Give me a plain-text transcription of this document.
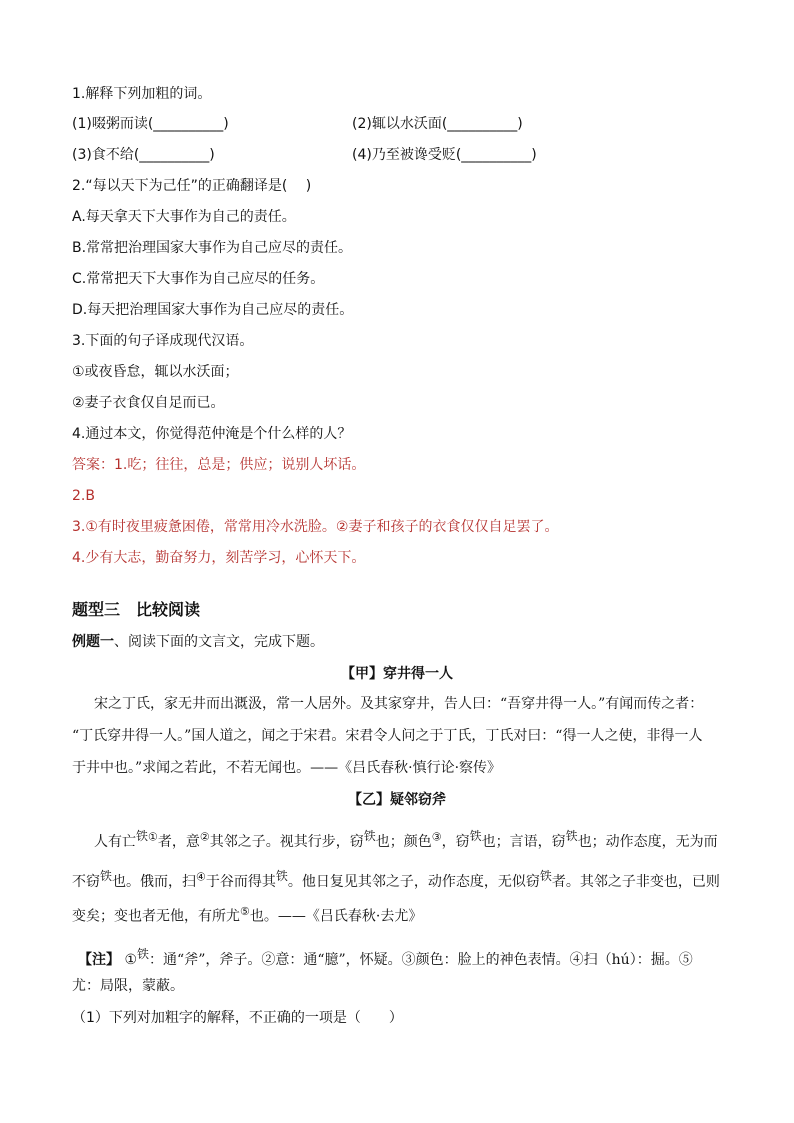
1.解释下列加粗的词。
(1)啜粥而读(__________)	(2)辄以水沃面(__________)
(3)食不给(__________)	(4)乃至被谗受贬(__________)
2.“每以天下为己任”的正确翻译是(　 )
A.每天拿天下大事作为自己的责任。
B.常常把治理国家大事作为自己应尽的责任。
C.常常把天下大事作为自己应尽的任务。
D.每天把治理国家大事作为自己应尽的责任。
3.下面的句子译成现代汉语。
①或夜昏怠，辄以水沃面；
②妻子衣食仅自足而已。
4.通过本文，你觉得范仲淹是个什么样的人？
答案：1.吃；往往，总是；供应；说别人坏话。
2.B
3.①有时夜里疲惫困倦，常常用冷水洗脸。②妻子和孩子的衣食仅仅自足罢了。
4.少有大志，勤奋努力，刻苦学习，心怀天下。
题型三　比较阅读
例题一、阅读下面的文言文，完成下题。
【甲】穿井得一人
宋之丁氏，家无井而出溉汲，常一人居外。及其家穿井，告人曰：“吾穿井得一人。”有闻而传之者：
“丁氏穿井得一人。”国人道之，闻之于宋君。宋君令人问之于丁氏，丁氏对曰：“得一人之使，非得一人
于井中也。”求闻之若此，不若无闻也。——《吕氏春秋·慎行论·察传》
【乙】疑邻窃斧
人有亡铁①者，意②其邻之子。视其行步，窃铁也；颜色③，窃铁也；言语，窃铁也；动作态度，无为而
不窃铁也。俄而，扫④于谷而得其铁。他日复见其邻之子，动作态度，无似窃铁者。其邻之子非变也，已则
变矣；变也者无他，有所尤⑤也。——《吕氏春秋·去尤》
【注】 ①铁：通“斧”，斧子。②意：通“臆”，怀疑。③颜色：脸上的神色表情。④扫（hú）：掘。⑤
尤：局限，蒙蔽。
（1）下列对加粗字的解释，不正确的一项是（　　）
